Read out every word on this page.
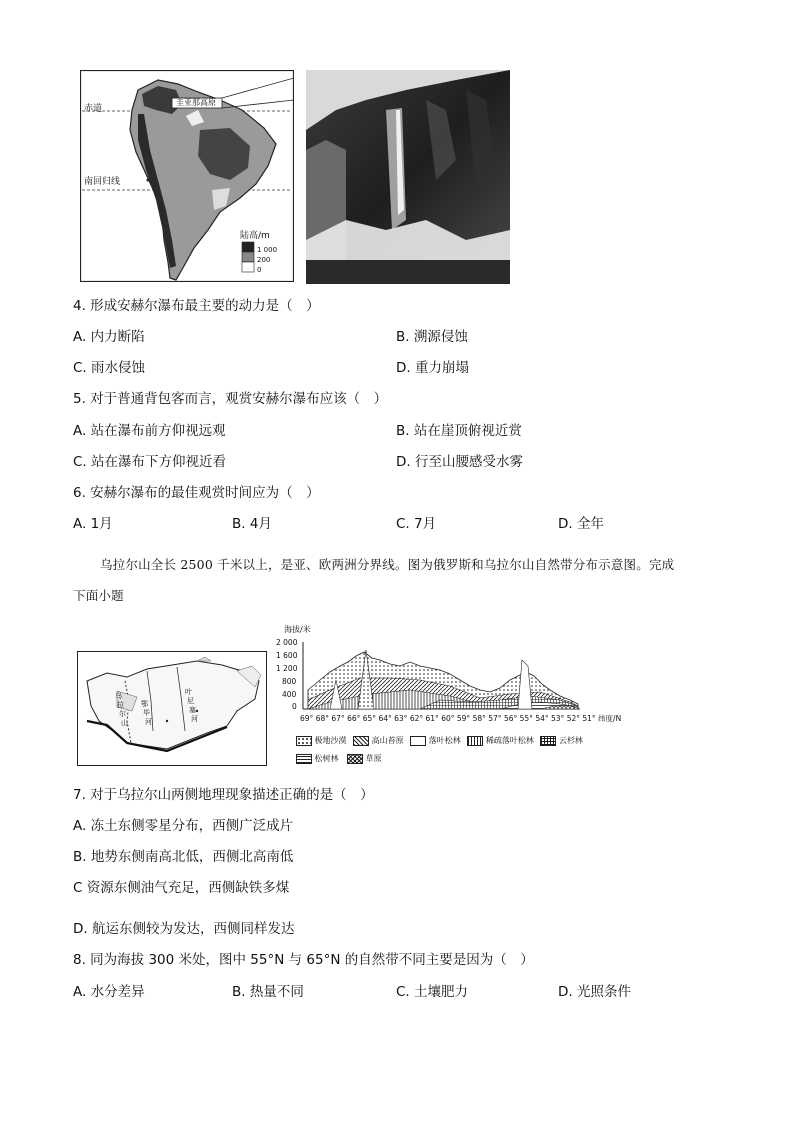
赤道
南回归线
圭亚那高原
陆高/m
1 000
200
0
4. 形成安赫尔瀑布最主要的动力是（　）
A. 内力断陷	B. 溯源侵蚀
C. 雨水侵蚀	D. 重力崩塌
5. 对于普通背包客而言，观赏安赫尔瀑布应该（　）
A. 站在瀑布前方仰视远观	B. 站在崖顶俯视近赏
C. 站在瀑布下方仰视近看	D. 行至山腰感受水雾
6. 安赫尔瀑布的最佳观赏时间应为（　）
A. 1月	B. 4月	C. 7月	D. 全年
乌拉尔山全长 2500 千米以上，是亚、欧两洲分界线。图为俄罗斯和乌拉尔山自然带分布示意图。完成
下面小题
乌
拉
尔
山
鄂
毕
河
叶
尼
塞
河
海拔/米
2 000
1 600
1 200
800
400
0
69° 68° 67° 66° 65° 64° 63° 62° 61° 60° 59° 58° 57° 56° 55° 54° 53° 52° 51° 纬度/N
极地沙漠	高山苔原	落叶松林	稀疏落叶松林	云杉林
松树林	草原
7. 对于乌拉尔山两侧地理现象描述正确的是（　）
A. 冻土东侧零星分布，西侧广泛成片
B. 地势东侧南高北低，西侧北高南低
C 资源东侧油气充足，西侧缺铁多煤
D. 航运东侧较为发达，西侧同样发达
8. 同为海拔 300 米处，图中 55°N 与 65°N 的自然带不同主要是因为（　）
A. 水分差异	B. 热量不同	C. 土壤肥力	D. 光照条件
